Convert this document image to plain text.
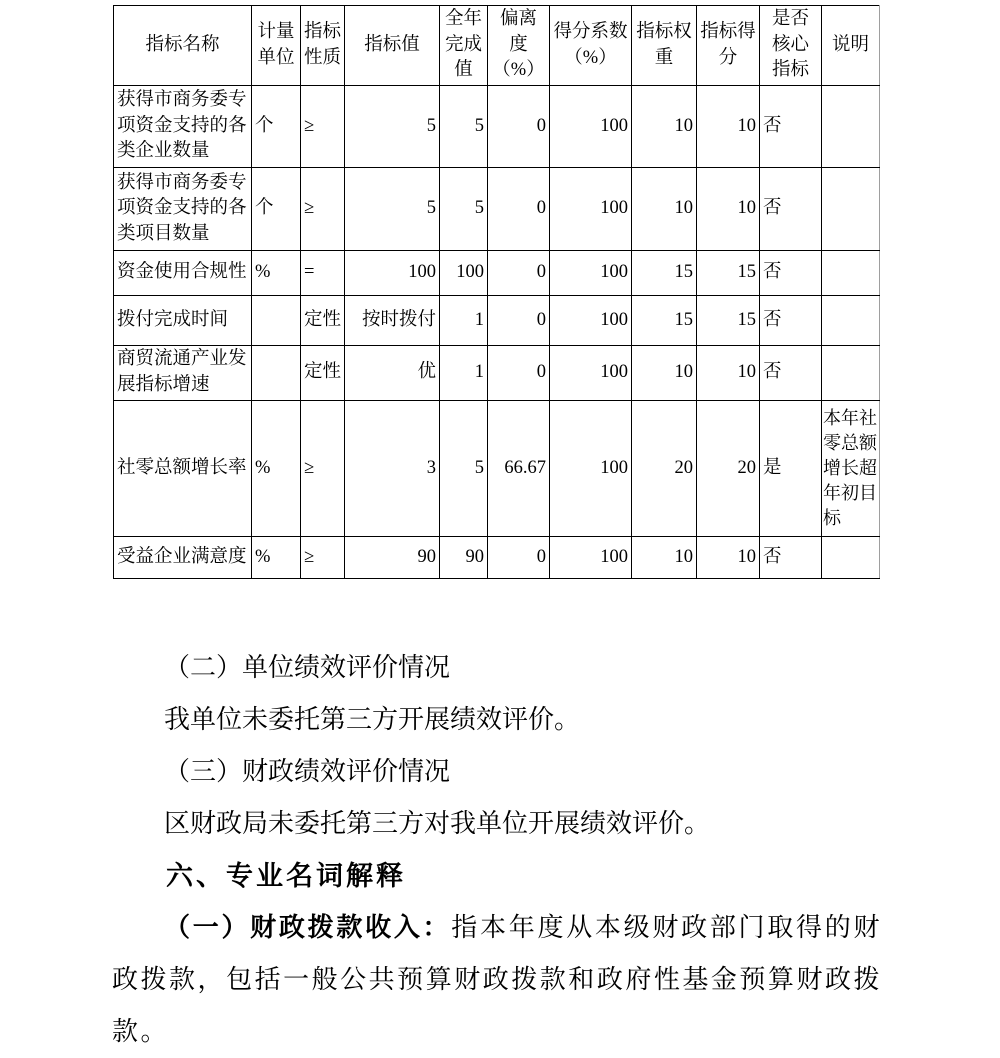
指标名称	计量单位	指标性质	指标值	全年完成值	偏离度（%）	得分系数（%）	指标权重	指标得分	是否核心指标	说明
获得市商务委专项资金支持的各类企业数量	个	≥	5	5	0	100	10	10	否	
获得市商务委专项资金支持的各类项目数量	个	≥	5	5	0	100	10	10	否	
资金使用合规性	%	=	100	100	0	100	15	15	否	
拨付完成时间		定性	按时拨付	1	0	100	15	15	否	
商贸流通产业发展指标增速		定性	优	1	0	100	10	10	否	
社零总额增长率	%	≥	3	5	66.67	100	20	20	是	本年社零总额增长超年初目标
受益企业满意度	%	≥	90	90	0	100	10	10	否	

（二）单位绩效评价情况

我单位未委托第三方开展绩效评价。

（三）财政绩效评价情况

区财政局未委托第三方对我单位开展绩效评价。

六、专业名词解释

（一）财政拨款收入：指本年度从本级财政部门取得的财政拨款，包括一般公共预算财政拨款和政府性基金预算财政拨款。
